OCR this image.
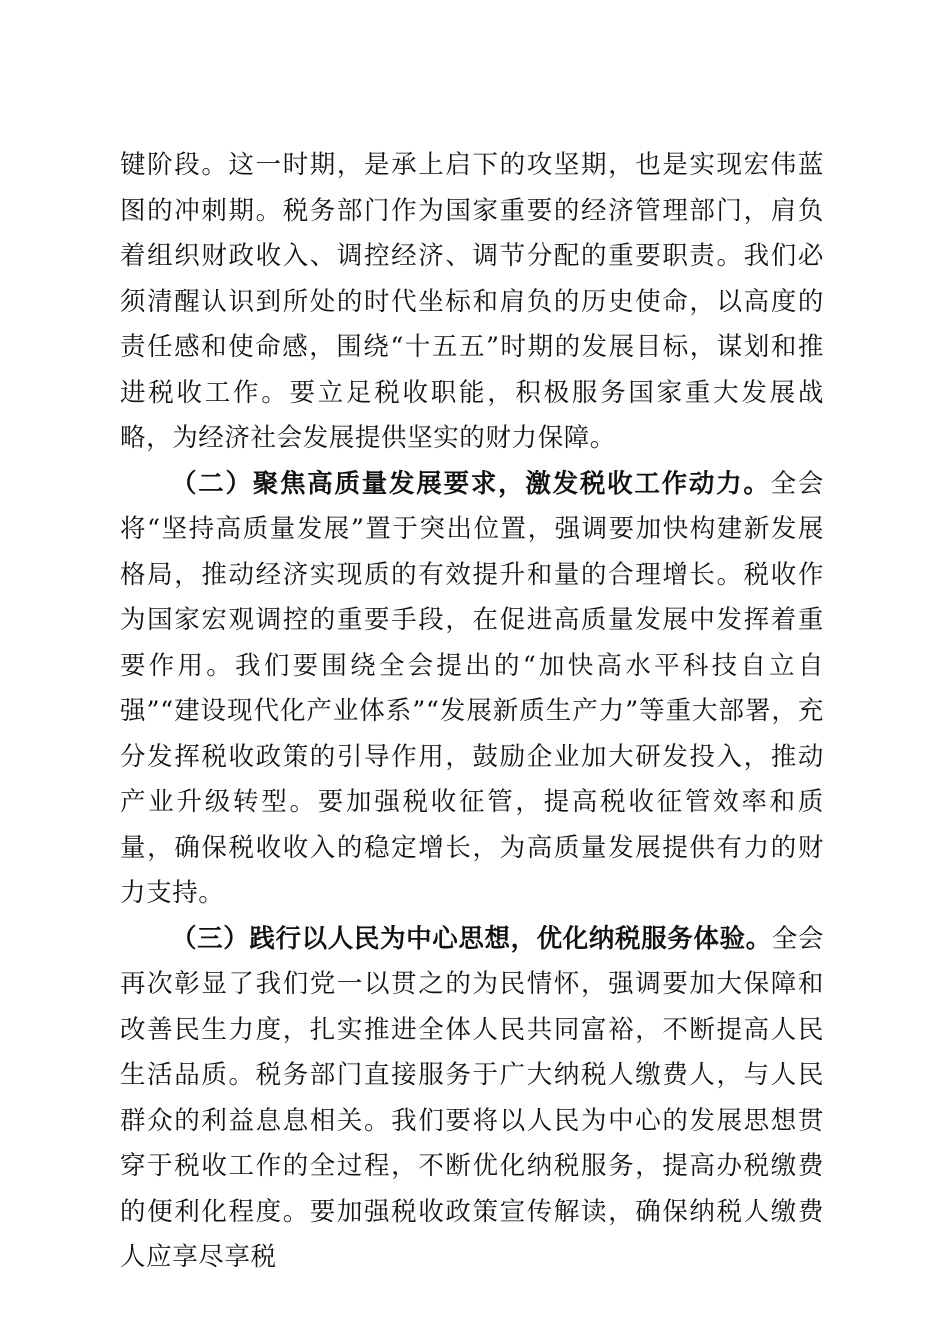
键阶段。这一时期，是承上启下的攻坚期，也是实现宏伟蓝图的冲刺期。税务部门作为国家重要的经济管理部门，肩负着组织财政收入、调控经济、调节分配的重要职责。我们必须清醒认识到所处的时代坐标和肩负的历史使命，以高度的责任感和使命感，围绕“十五五”时期的发展目标，谋划和推进税收工作。要立足税收职能，积极服务国家重大发展战略，为经济社会发展提供坚实的财力保障。

（二）聚焦高质量发展要求，激发税收工作动力。全会将“坚持高质量发展”置于突出位置，强调要加快构建新发展格局，推动经济实现质的有效提升和量的合理增长。税收作为国家宏观调控的重要手段，在促进高质量发展中发挥着重要作用。我们要围绕全会提出的“加快高水平科技自立自强”“建设现代化产业体系”“发展新质生产力”等重大部署，充分发挥税收政策的引导作用，鼓励企业加大研发投入，推动产业升级转型。要加强税收征管，提高税收征管效率和质量，确保税收收入的稳定增长，为高质量发展提供有力的财力支持。

（三）践行以人民为中心思想，优化纳税服务体验。全会再次彰显了我们党一以贯之的为民情怀，强调要加大保障和改善民生力度，扎实推进全体人民共同富裕，不断提高人民生活品质。税务部门直接服务于广大纳税人缴费人，与人民群众的利益息息相关。我们要将以人民为中心的发展思想贯穿于税收工作的全过程，不断优化纳税服务，提高办税缴费的便利化程度。要加强税收政策宣传解读，确保纳税人缴费人应享尽享税
